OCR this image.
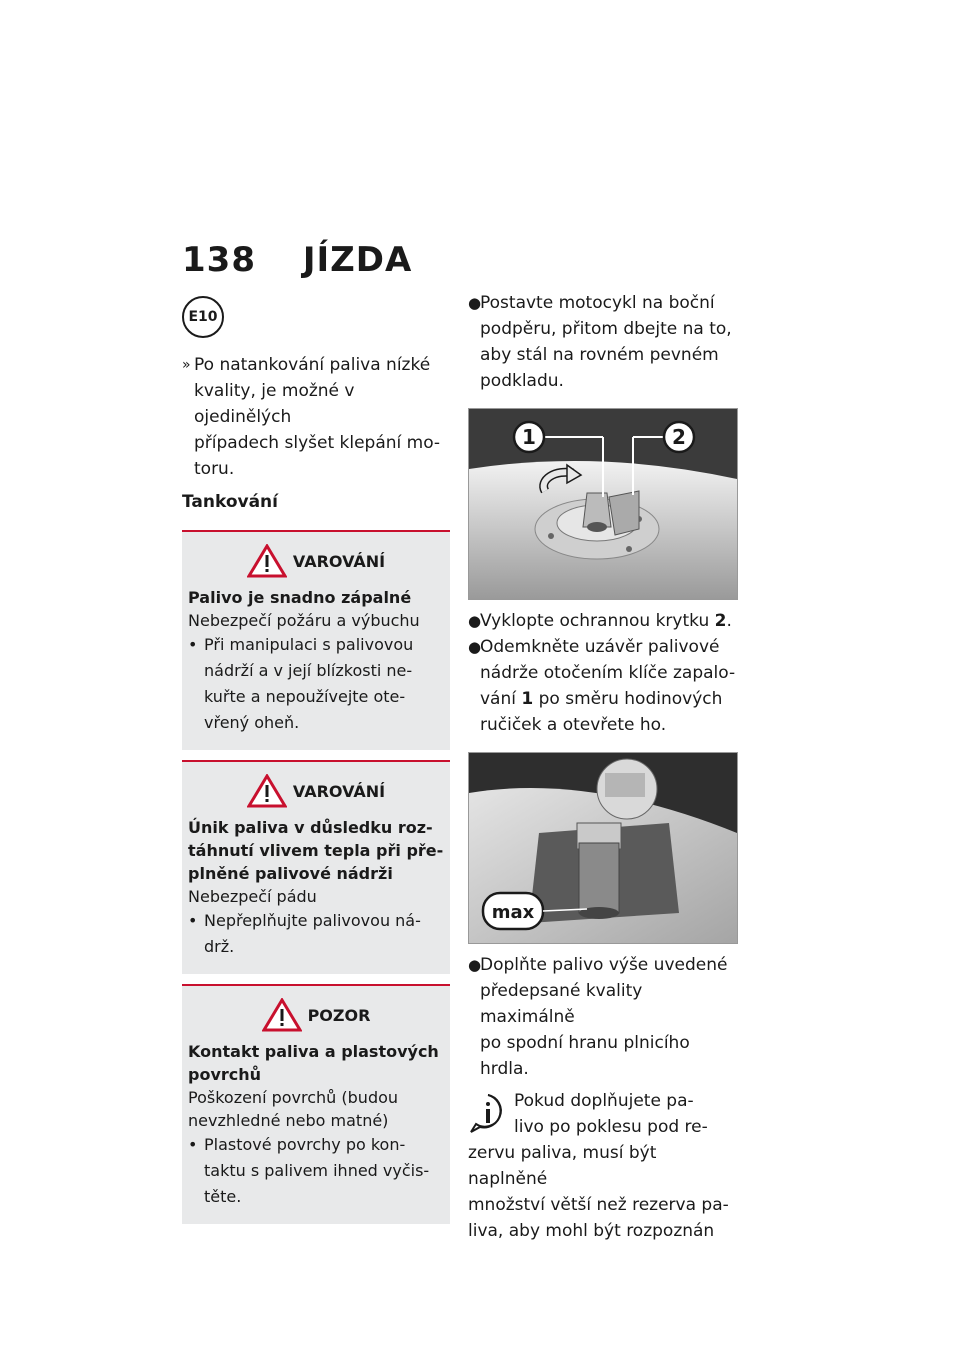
138 JÍZDA
E10
» Po natankování paliva nízké
kvality, je možné v ojedinělých
případech slyšet klepání mo-
toru.
Tankování
VAROVÁNÍ
Palivo je snadno zápalné
Nebezpečí požáru a výbuchu
• Při manipulaci s palivovou
nádrží a v její blízkosti ne-
kuřte a nepoužívejte ote-
vřený oheň.
VAROVÁNÍ
Únik paliva v důsledku roz-
táhnutí vlivem tepla při pře-
plněné palivové nádrži
Nebezpečí pádu
• Nepřeplňujte palivovou ná-
drž.
POZOR
Kontakt paliva a plastových
povrchů
Poškození povrchů (budou
nevzhledné nebo matné)
• Plastové povrchy po kon-
taktu s palivem ihned vyčis-
těte.
●
Postavte motocykl na boční
podpěru, přitom dbejte na to,
aby stál na rovném pevném
podkladu.
1	2
●
Vyklopte ochrannou krytku 2.
●
Odemkněte uzávěr palivové
nádrže otočením klíče zapalo-
vání 1 po směru hodinových
ručiček a otevřete ho.
max
●
Doplňte palivo výše uvedené
předepsané kvality maximálně
po spodní hranu plnicího
hrdla.
Pokud doplňujete pa-
livo po poklesu pod re-
zervu paliva, musí být naplněné
množství větší než rezerva pa-
liva, aby mohl být rozpoznán
